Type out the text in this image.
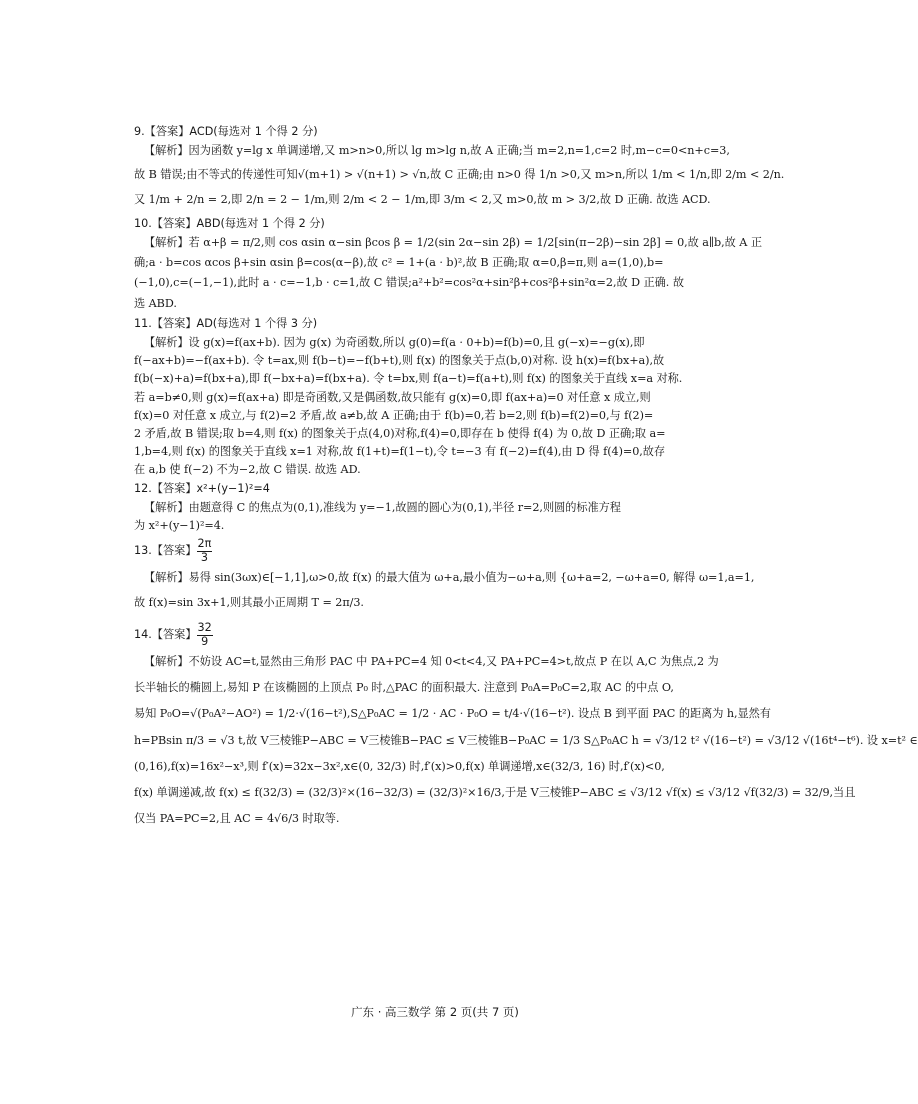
9.【答案】ACD(每选对 1 个得 2 分)
【解析】因为函数 y=lg x 单调递增,又 m>n>0,所以 lg m>lg n,故 A 正确;当 m=2,n=1,c=2 时,m−c=0<n+c=3,
故 B 错误;由不等式的传递性可知√(m+1) > √(n+1) > √n,故 C 正确;由 n>0 得 1/n >0,又 m>n,所以 1/m < 1/n,即 2/m < 2/n.
又 1/m + 2/n = 2,即 2/n = 2 − 1/m,则 2/m < 2 − 1/m,即 3/m < 2,又 m>0,故 m > 3/2,故 D 正确. 故选 ACD.
10.【答案】ABD(每选对 1 个得 2 分)
【解析】若 α+β = π/2,则 cos αsin α−sin βcos β = 1/2(sin 2α−sin 2β) = 1/2[sin(π−2β)−sin 2β] = 0,故 a∥b,故 A 正
确;a · b=cos αcos β+sin αsin β=cos(α−β),故 c² = 1+(a · b)²,故 B 正确;取 α=0,β=π,则 a=(1,0),b=
(−1,0),c=(−1,−1),此时 a · c=−1,b · c=1,故 C 错误;a²+b²=cos²α+sin²β+cos²β+sin²α=2,故 D 正确. 故
选 ABD.
11.【答案】AD(每选对 1 个得 3 分)
【解析】设 g(x)=f(ax+b). 因为 g(x) 为奇函数,所以 g(0)=f(a · 0+b)=f(b)=0,且 g(−x)=−g(x),即
f(−ax+b)=−f(ax+b). 令 t=ax,则 f(b−t)=−f(b+t),则 f(x) 的图象关于点(b,0)对称. 设 h(x)=f(bx+a),故
f(b(−x)+a)=f(bx+a),即 f(−bx+a)=f(bx+a). 令 t=bx,则 f(a−t)=f(a+t),则 f(x) 的图象关于直线 x=a 对称.
若 a=b≠0,则 g(x)=f(ax+a) 即是奇函数,又是偶函数,故只能有 g(x)=0,即 f(ax+a)=0 对任意 x 成立,则
f(x)=0 对任意 x 成立,与 f(2)=2 矛盾,故 a≠b,故 A 正确;由于 f(b)=0,若 b=2,则 f(b)=f(2)=0,与 f(2)=
2 矛盾,故 B 错误;取 b=4,则 f(x) 的图象关于点(4,0)对称,f(4)=0,即存在 b 使得 f(4) 为 0,故 D 正确;取 a=
1,b=4,则 f(x) 的图象关于直线 x=1 对称,故 f(1+t)=f(1−t),令 t=−3 有 f(−2)=f(4),由 D 得 f(4)=0,故存
在 a,b 使 f(−2) 不为−2,故 C 错误. 故选 AD.
12.【答案】x²+(y−1)²=4
【解析】由题意得 C 的焦点为(0,1),准线为 y=−1,故圆的圆心为(0,1),半径 r=2,则圆的标准方程
为 x²+(y−1)²=4.
13.【答案】 $\frac{2\pi}{3}$
【解析】易得 sin(3ωx)∈[−1,1],ω>0,故 f(x) 的最大值为 ω+a,最小值为−ω+a,则 {ω+a=2, −ω+a=0, 解得 ω=1,a=1,
故 f(x)=sin 3x+1,则其最小正周期 T = 2π/3.
14.【答案】 $\frac{32}{9}$
【解析】不妨设 AC=t,显然由三角形 PAC 中 PA+PC=4 知 0<t<4,又 PA+PC=4>t,故点 P 在以 A,C 为焦点,2 为
长半轴长的椭圆上,易知 P 在该椭圆的上顶点 P₀ 时,△PAC 的面积最大. 注意到 P₀A=P₀C=2,取 AC 的中点 O,
易知 P₀O=√(P₀A²−AO²) = 1/2·√(16−t²),S△P₀AC = 1/2 · AC · P₀O = t/4·√(16−t²). 设点 B 到平面 PAC 的距离为 h,显然有
h=PBsin π/3 = √3 t,故 V三棱锥P−ABC = V三棱锥B−PAC ≤ V三棱锥B−P₀AC = 1/3 S△P₀AC h = √3/12 t² √(16−t²) = √3/12 √(16t⁴−t⁶). 设 x=t² ∈
(0,16),f(x)=16x²−x³,则 f′(x)=32x−3x²,x∈(0, 32/3) 时,f′(x)>0,f(x) 单调递增,x∈(32/3, 16) 时,f′(x)<0,
f(x) 单调递减,故 f(x) ≤ f(32/3) = (32/3)²×(16−32/3) = (32/3)²×16/3,于是 V三棱锥P−ABC ≤ √3/12 √f(x) ≤ √3/12 √f(32/3) = 32/9,当且
仅当 PA=PC=2,且 AC = 4√6/3 时取等.
广东 · 高三数学 第 2 页(共 7 页)
